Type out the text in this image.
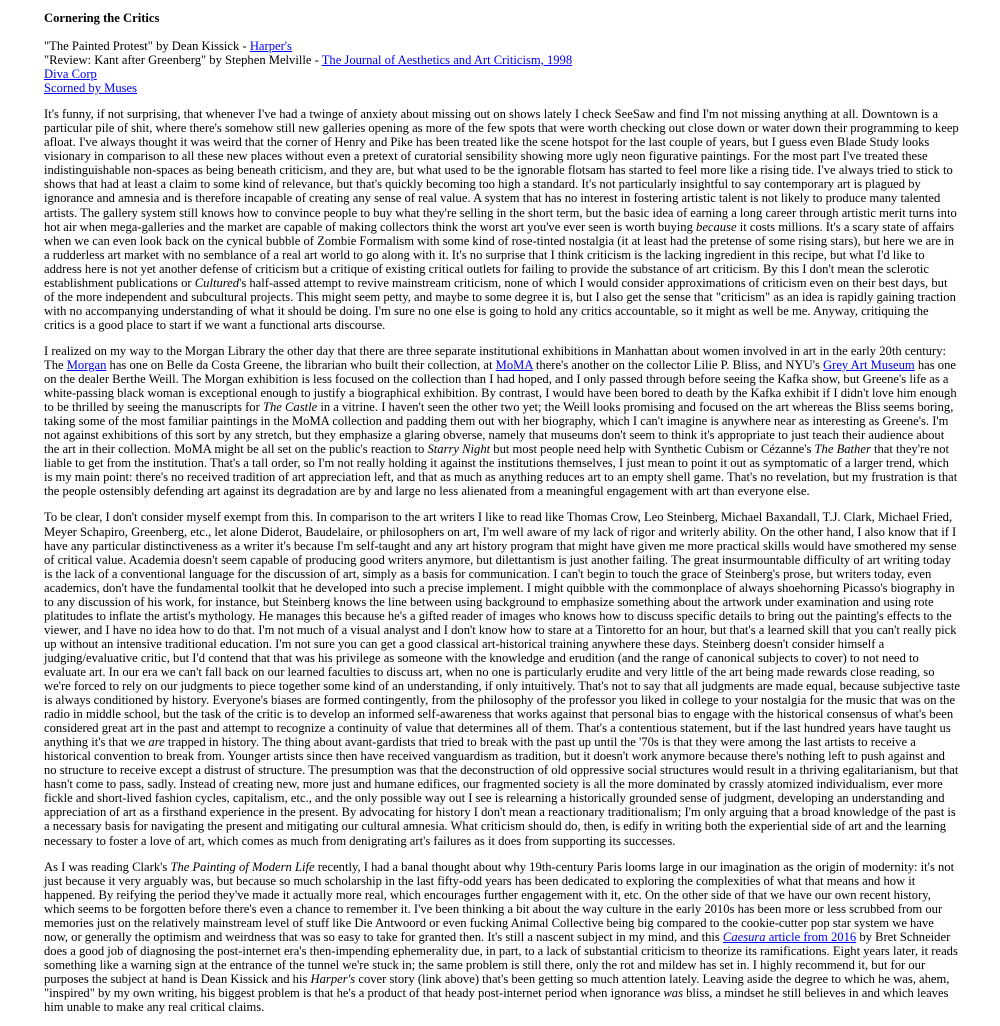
Cornering the Critics
"The Painted Protest" by Dean Kissick - Harper's
"Review: Kant after Greenberg" by Stephen Melville - The Journal of Aesthetics and Art Criticism, 1998
Diva Corp
Scorned by Muses

It's funny, if not surprising, that whenever I've had a twinge of anxiety about missing out on shows lately I check SeeSaw and find I'm not missing anything at all. Downtown is a particular pile of shit, where there's somehow still new galleries opening as more of the few spots that were worth checking out close down or water down their programming to keep afloat. I've always thought it was weird that the corner of Henry and Pike has been treated like the scene hotspot for the last couple of years, but I guess even Blade Study looks visionary in comparison to all these new places without even a pretext of curatorial sensibility showing more ugly neon figurative paintings. For the most part I've treated these indistinguishable non-spaces as being beneath criticism, and they are, but what used to be the ignorable flotsam has started to feel more like a rising tide. I've always tried to stick to shows that had at least a claim to some kind of relevance, but that's quickly becoming too high a standard. It's not particularly insightful to say contemporary art is plagued by ignorance and amnesia and is therefore incapable of creating any sense of real value. A system that has no interest in fostering artistic talent is not likely to produce many talented artists. The gallery system still knows how to convince people to buy what they're selling in the short term, but the basic idea of earning a long career through artistic merit turns into hot air when mega-galleries and the market are capable of making collectors think the worst art you've ever seen is worth buying because it costs millions. It's a scary state of affairs when we can even look back on the cynical bubble of Zombie Formalism with some kind of rose-tinted nostalgia (it at least had the pretense of some rising stars), but here we are in a rudderless art market with no semblance of a real art world to go along with it. It's no surprise that I think criticism is the lacking ingredient in this recipe, but what I'd like to address here is not yet another defense of criticism but a critique of existing critical outlets for failing to provide the substance of art criticism. By this I don't mean the sclerotic establishment publications or Cultured's half-assed attempt to revive mainstream criticism, none of which I would consider approximations of criticism even on their best days, but of the more independent and subcultural projects. This might seem petty, and maybe to some degree it is, but I also get the sense that "criticism" as an idea is rapidly gaining traction with no accompanying understanding of what it should be doing. I'm sure no one else is going to hold any critics accountable, so it might as well be me. Anyway, critiquing the critics is a good place to start if we want a functional arts discourse.

I realized on my way to the Morgan Library the other day that there are three separate institutional exhibitions in Manhattan about women involved in art in the early 20th century: The Morgan has one on Belle da Costa Greene, the librarian who built their collection, at MoMA there's another on the collector Lilie P. Bliss, and NYU's Grey Art Museum has one on the dealer Berthe Weill. The Morgan exhibition is less focused on the collection than I had hoped, and I only passed through before seeing the Kafka show, but Greene's life as a white-passing black woman is exceptional enough to justify a biographical exhibition. By contrast, I would have been bored to death by the Kafka exhibit if I didn't love him enough to be thrilled by seeing the manuscripts for The Castle in a vitrine. I haven't seen the other two yet; the Weill looks promising and focused on the art whereas the Bliss seems boring, taking some of the most familiar paintings in the MoMA collection and padding them out with her biography, which I can't imagine is anywhere near as interesting as Greene's. I'm not against exhibitions of this sort by any stretch, but they emphasize a glaring obverse, namely that museums don't seem to think it's appropriate to just teach their audience about the art in their collection. MoMA might be all set on the public's reaction to Starry Night but most people need help with Synthetic Cubism or Cézanne's The Bather that they're not liable to get from the institution. That's a tall order, so I'm not really holding it against the institutions themselves, I just mean to point it out as symptomatic of a larger trend, which is my main point: there's no received tradition of art appreciation left, and that as much as anything reduces art to an empty shell game. That's no revelation, but my frustration is that the people ostensibly defending art against its degradation are by and large no less alienated from a meaningful engagement with art than everyone else.

To be clear, I don't consider myself exempt from this. In comparison to the art writers I like to read like Thomas Crow, Leo Steinberg, Michael Baxandall, T.J. Clark, Michael Fried, Meyer Schapiro, Greenberg, etc., let alone Diderot, Baudelaire, or philosophers on art, I'm well aware of my lack of rigor and writerly ability. On the other hand, I also know that if I have any particular distinctiveness as a writer it's because I'm self-taught and any art history program that might have given me more practical skills would have smothered my sense of critical value. Academia doesn't seem capable of producing good writers anymore, but dilettantism is just another failing. The great insurmountable difficulty of art writing today is the lack of a conventional language for the discussion of art, simply as a basis for communication. I can't begin to touch the grace of Steinberg's prose, but writers today, even academics, don't have the fundamental toolkit that he developed into such a precise implement. I might quibble with the commonplace of always shoehorning Picasso's biography in to any discussion of his work, for instance, but Steinberg knows the line between using background to emphasize something about the artwork under examination and using rote platitudes to inflate the artist's mythology. He manages this because he's a gifted reader of images who knows how to discuss specific details to bring out the painting's effects to the viewer, and I have no idea how to do that. I'm not much of a visual analyst and I don't know how to stare at a Tintoretto for an hour, but that's a learned skill that you can't really pick up without an intensive traditional education. I'm not sure you can get a good classical art-historical training anywhere these days. Steinberg doesn't consider himself a judging/evaluative critic, but I'd contend that that was his privilege as someone with the knowledge and erudition (and the range of canonical subjects to cover) to not need to evaluate art. In our era we can't fall back on our learned faculties to discuss art, when no one is particularly erudite and very little of the art being made rewards close reading, so we're forced to rely on our judgments to piece together some kind of an understanding, if only intuitively. That's not to say that all judgments are made equal, because subjective taste is always conditioned by history. Everyone's biases are formed contingently, from the philosophy of the professor you liked in college to your nostalgia for the music that was on the radio in middle school, but the task of the critic is to develop an informed self-awareness that works against that personal bias to engage with the historical consensus of what's been considered great art in the past and attempt to recognize a continuity of value that determines all of them. That's a contentious statement, but if the last hundred years have taught us anything it's that we are trapped in history. The thing about avant-gardists that tried to break with the past up until the '70s is that they were among the last artists to receive a historical convention to break from. Younger artists since then have received vanguardism as tradition, but it doesn't work anymore because there's nothing left to push against and no structure to receive except a distrust of structure. The presumption was that the deconstruction of old oppressive social structures would result in a thriving egalitarianism, but that hasn't come to pass, sadly. Instead of creating new, more just and humane edifices, our fragmented society is all the more dominated by crassly atomized individualism, ever more fickle and short-lived fashion cycles, capitalism, etc., and the only possible way out I see is relearning a historically grounded sense of judgment, developing an understanding and appreciation of art as a firsthand experience in the present. By advocating for history I don't mean a reactionary traditionalism; I'm only arguing that a broad knowledge of the past is a necessary basis for navigating the present and mitigating our cultural amnesia. What criticism should do, then, is edify in writing both the experiential side of art and the learning necessary to foster a love of art, which comes as much from denigrating art's failures as it does from supporting its successes.

As I was reading Clark's The Painting of Modern Life recently, I had a banal thought about why 19th-century Paris looms large in our imagination as the origin of modernity: it's not just because it very arguably was, but because so much scholarship in the last fifty-odd years has been dedicated to exploring the complexities of what that means and how it happened. By reifying the period they've made it actually more real, which encourages further engagement with it, etc. On the other side of that we have our own recent history, which seems to be forgotten before there's even a chance to remember it. I've been thinking a bit about the way culture in the early 2010s has been more or less scrubbed from our memories just on the relatively mainstream level of stuff like Die Antwoord or even fucking Animal Collective being big compared to the cookie-cutter pop star system we have now, or generally the optimism and weirdness that was so easy to take for granted then. It's still a nascent subject in my mind, and this Caesura article from 2016 by Bret Schneider does a good job of diagnosing the post-internet era's then-impending ephemerality due, in part, to a lack of substantial criticism to theorize its ramifications. Eight years later, it reads something like a warning sign at the entrance of the tunnel we're stuck in; the same problem is still there, only the rot and mildew has set in. I highly recommend it, but for our purposes the subject at hand is Dean Kissick and his Harper's cover story (link above) that's been getting so much attention lately. Leaving aside the degree to which he was, ahem, "inspired" by my own writing, his biggest problem is that he's a product of that heady post-internet period when ignorance was bliss, a mindset he still believes in and which leaves him unable to make any real critical claims.
